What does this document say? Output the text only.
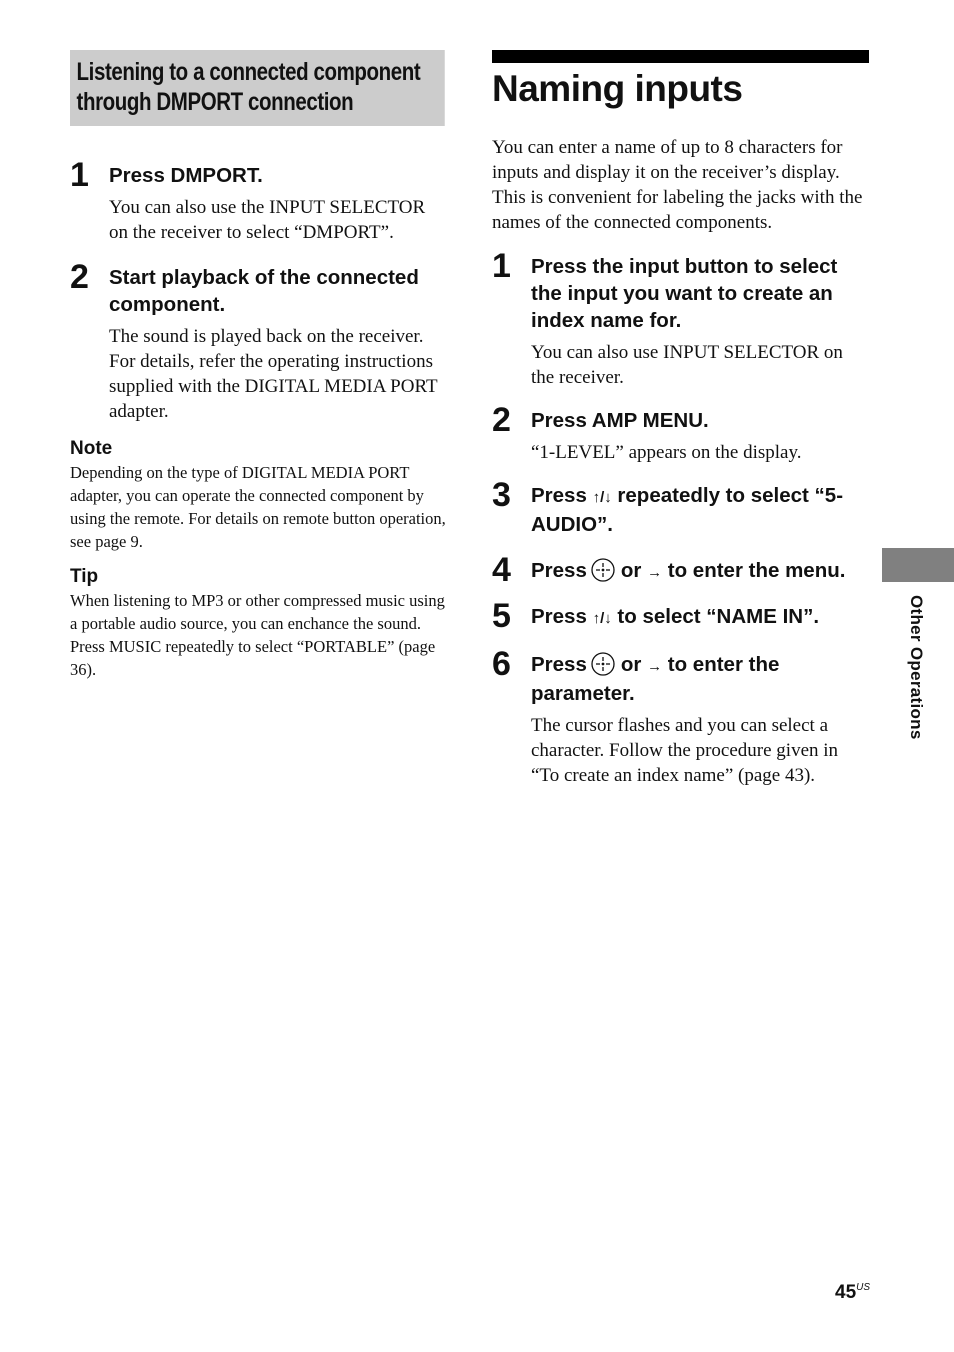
Listening to a connected component through DMPORT connection
1 Press DMPORT.
You can also use the INPUT SELECTOR on the receiver to select “DMPORT”.
2 Start playback of the connected component.
The sound is played back on the receiver. For details, refer the operating instructions supplied with the DIGITAL MEDIA PORT adapter.
Note
Depending on the type of DIGITAL MEDIA PORT adapter, you can operate the connected component by using the remote. For details on remote button operation, see page 9.
Tip
When listening to MP3 or other compressed music using a portable audio source, you can enchance the sound. Press MUSIC repeatedly to select “PORTABLE” (page 36).
Naming inputs
You can enter a name of up to 8 characters for inputs and display it on the receiver’s display. This is convenient for labeling the jacks with the names of the connected components.
1 Press the input button to select the input you want to create an index name for.
You can also use INPUT SELECTOR on the receiver.
2 Press AMP MENU.
“1-LEVEL” appears on the display.
3 Press ↑/↓ repeatedly to select “5-AUDIO”.
4 Press or → to enter the menu.
5 Press ↑/↓ to select “NAME IN”.
6 Press or → to enter the parameter.
The cursor flashes and you can select a character. Follow the procedure given in “To create an index name” (page 43).
Other Operations
$45^{US}$
